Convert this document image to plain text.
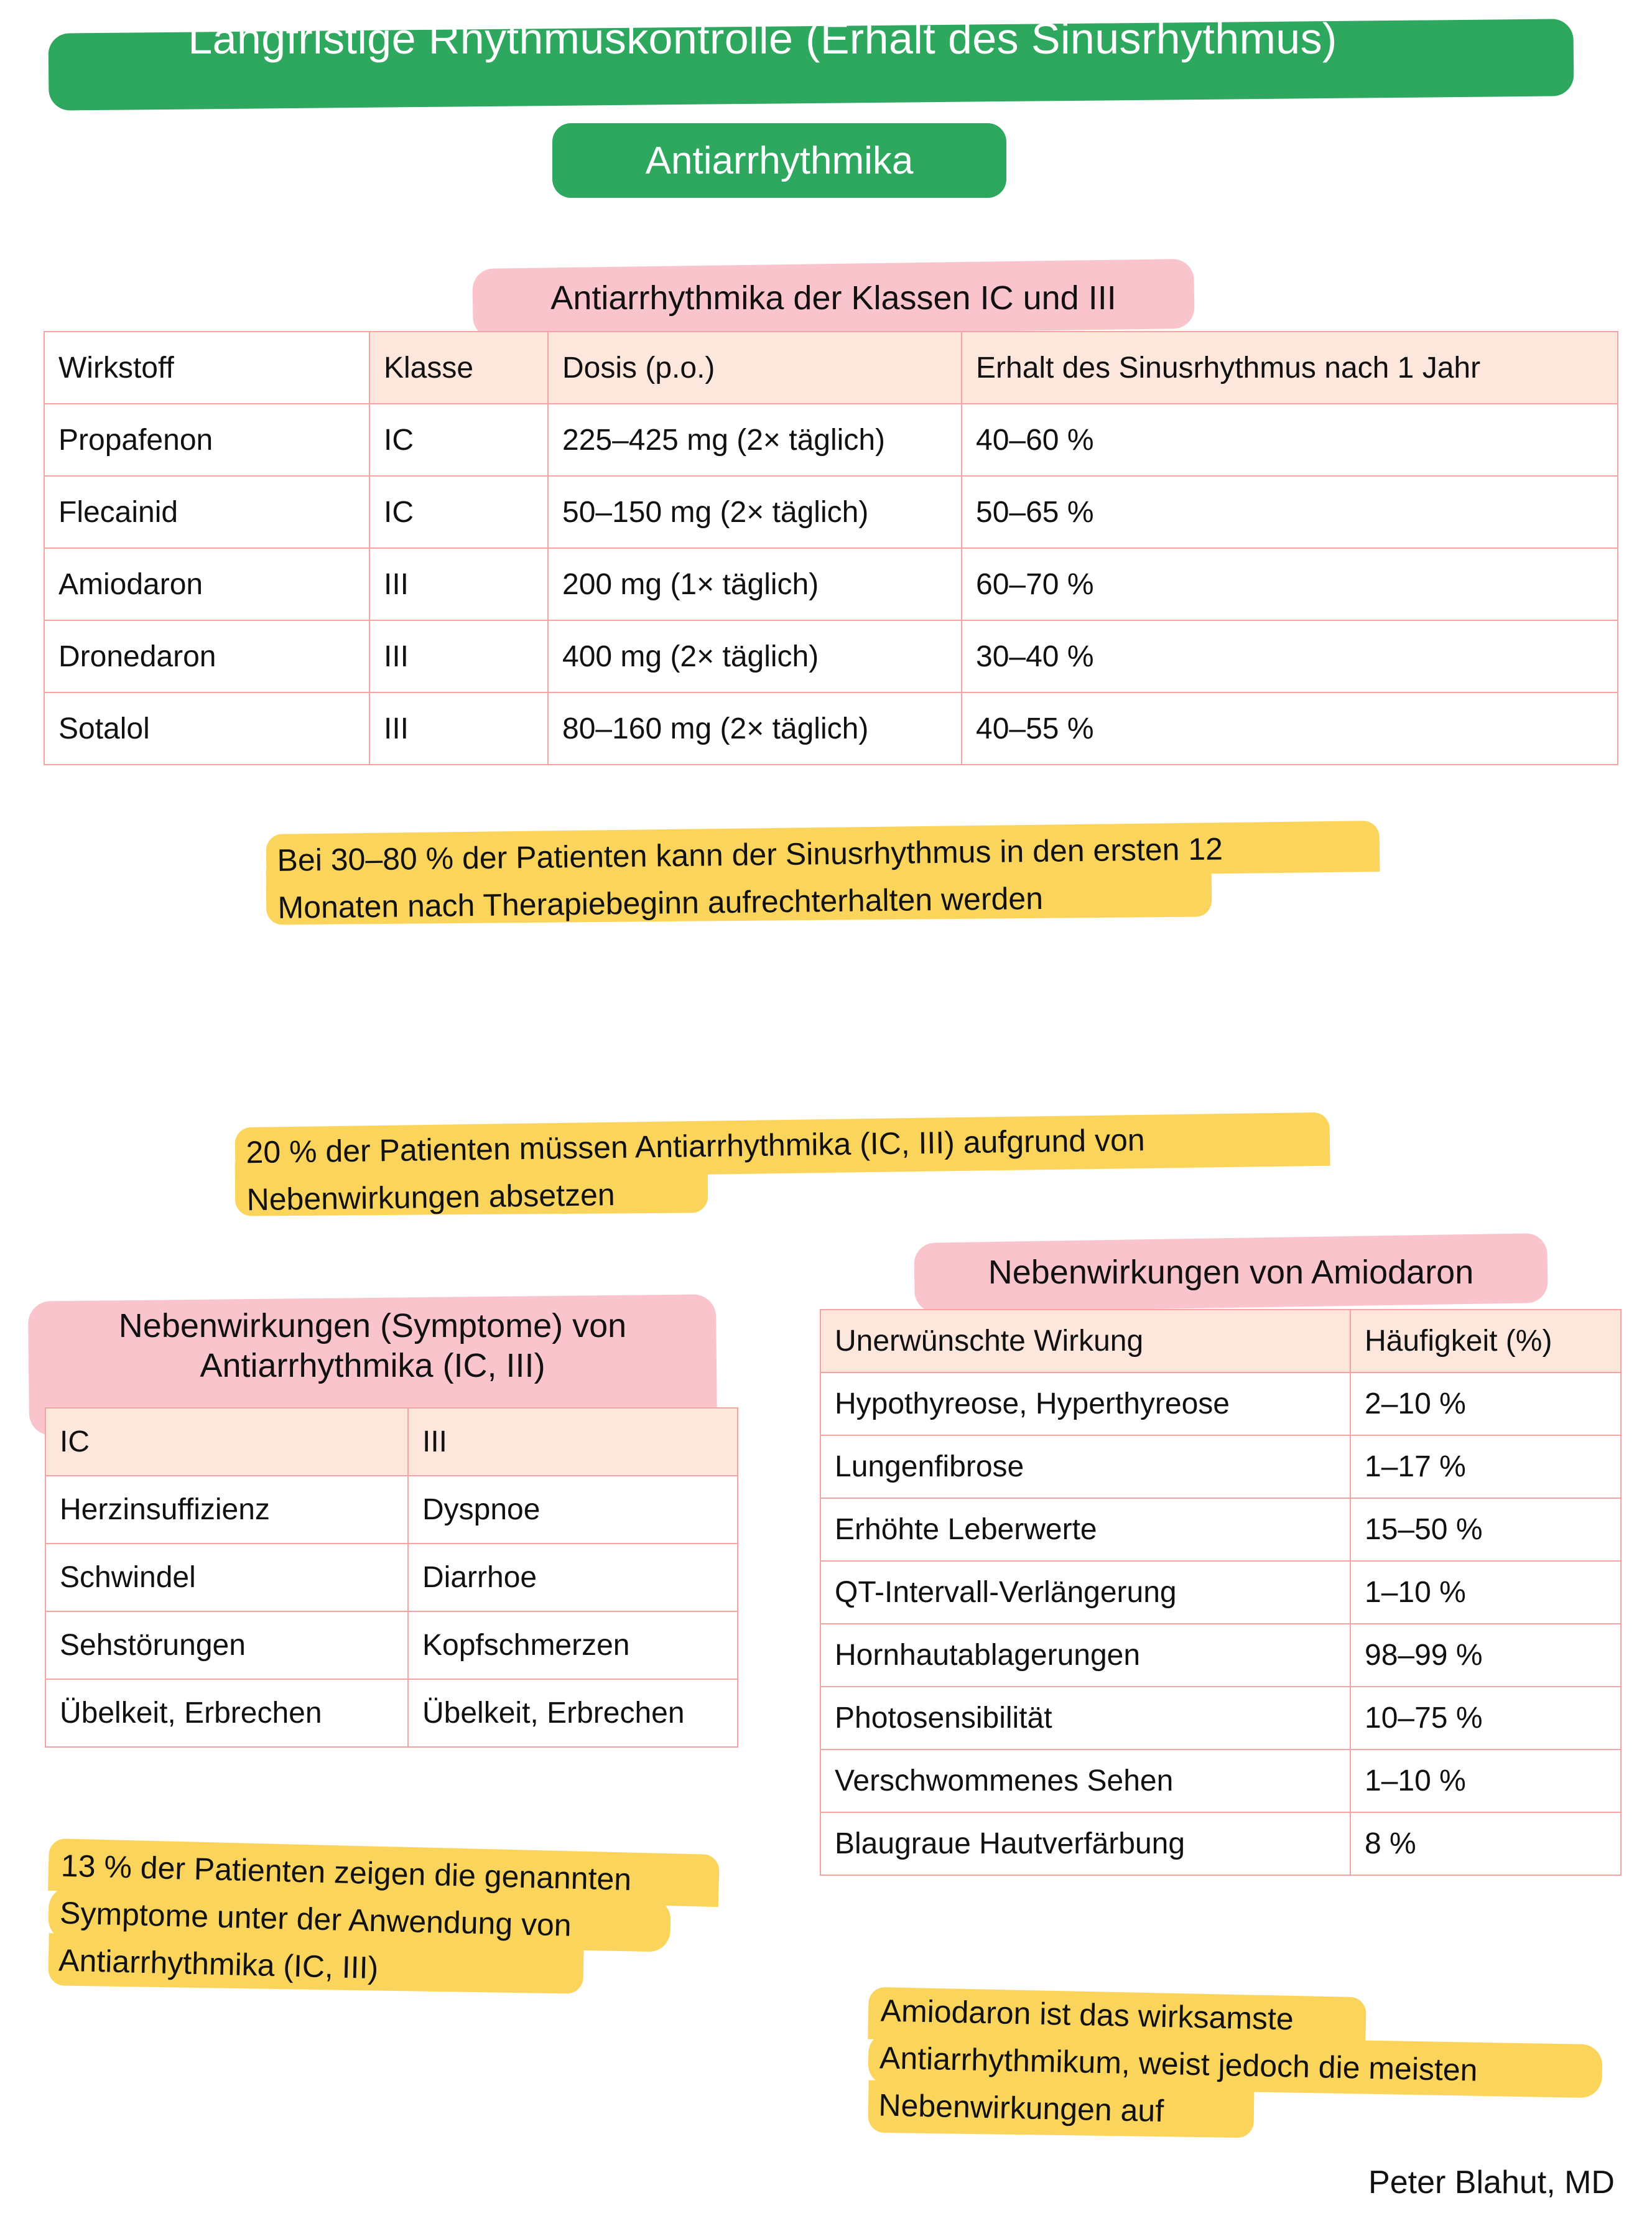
Langfristige Rhythmuskontrolle (Erhalt des Sinusrhythmus)
Antiarrhythmika
Antiarrhythmika der Klassen IC und III
Wirkstoff	Klasse	Dosis (p.o.)	Erhalt des Sinusrhythmus nach 1 Jahr
Propafenon	IC	225–425 mg (2× täglich)	40–60 %
Flecainid	IC	50–150 mg (2× täglich)	50–65 %
Amiodaron	III	200 mg (1× täglich)	60–70 %
Dronedaron	III	400 mg (2× täglich)	30–40 %
Sotalol	III	80–160 mg (2× täglich)	40–55 %
Bei 30–80 % der Patienten kann der Sinusrhythmus in den ersten 12
Monaten nach Therapiebeginn aufrechterhalten werden
20 % der Patienten müssen Antiarrhythmika (IC, III) aufgrund von
Nebenwirkungen absetzen
Nebenwirkungen (Symptome) von
Antiarrhythmika (IC, III)
IC	III
Herzinsuffizienz	Dyspnoe
Schwindel	Diarrhoe
Sehstörungen	Kopfschmerzen
Übelkeit, Erbrechen	Übelkeit, Erbrechen
Nebenwirkungen von Amiodaron
Unerwünschte Wirkung	Häufigkeit (%)
Hypothyreose, Hyperthyreose	2–10 %
Lungenfibrose	1–17 %
Erhöhte Leberwerte	15–50 %
QT-Intervall-Verlängerung	1–10 %
Hornhautablagerungen	98–99 %
Photosensibilität	10–75 %
Verschwommenes Sehen	1–10 %
Blaugraue Hautverfärbung	8 %
13 % der Patienten zeigen die genannten
Symptome unter der Anwendung von
Antiarrhythmika (IC, III)
Amiodaron ist das wirksamste
Antiarrhythmikum, weist jedoch die meisten
Nebenwirkungen auf
Peter Blahut, MD
